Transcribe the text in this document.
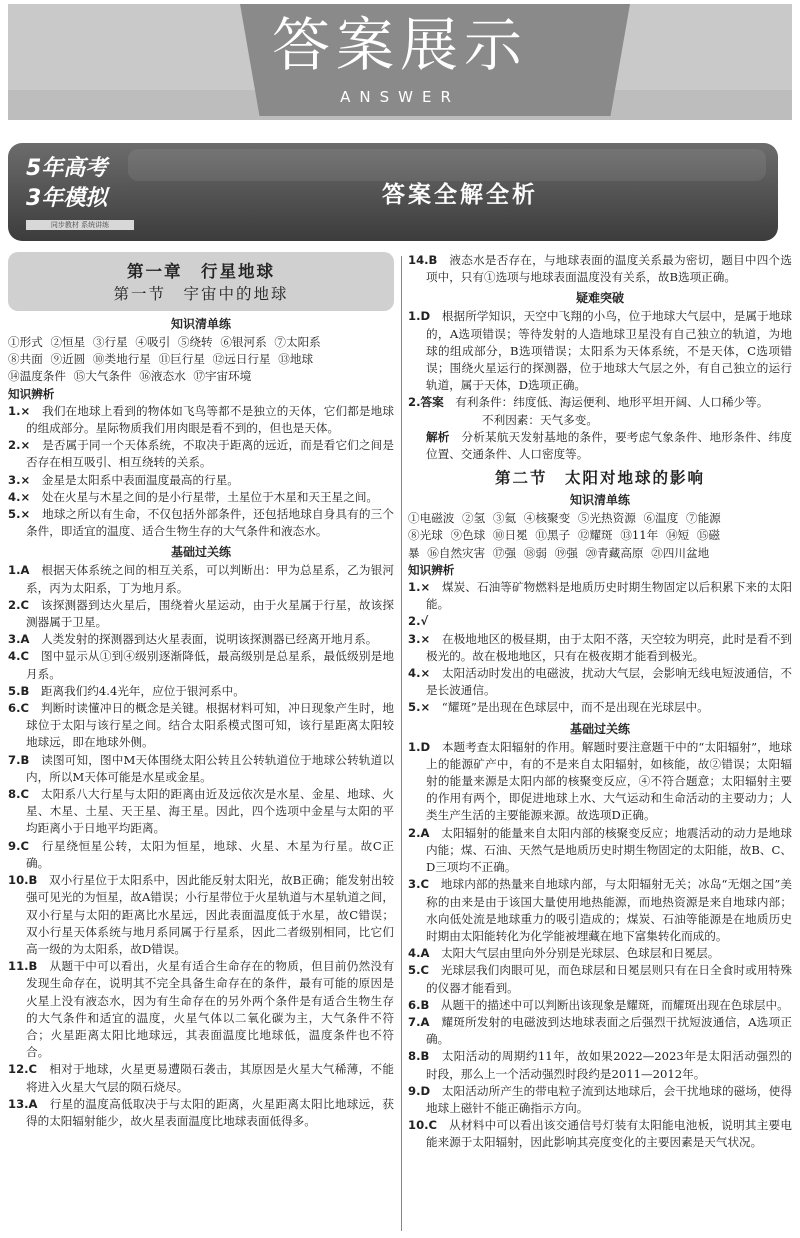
答案展示
ANSWER
5年高考
3年模拟
同步教材 系统讲练
答案全解全析
第一章　行星地球
第一节　宇宙中的地球
知识清单练
①形式 ②恒星 ③行星 ④吸引 ⑤绕转 ⑥银河系 ⑦太阳系
⑧共面 ⑨近圆 ⑩类地行星 ⑪巨行星 ⑫远日行星 ⑬地球
⑭温度条件 ⑮大气条件 ⑯液态水 ⑰宇宙环境
知识辨析
1.×　 我们在地球上看到的物体如飞鸟等都不是独立的天体，它们都是地球的组成部分。星际物质我们用肉眼是看不到的，但也是天体。
2.×　 是否属于同一个天体系统，不取决于距离的远近，而是看它们之间是否存在相互吸引、相互绕转的关系。
3.×　 金星是太阳系中表面温度最高的行星。
4.×　 处在火星与木星之间的是小行星带，土星位于木星和天王星之间。
5.×　 地球之所以有生命，不仅包括外部条件，还包括地球自身具有的三个条件，即适宜的温度、适合生物生存的大气条件和液态水。
基础过关练
1.A　 根据天体系统之间的相互关系，可以判断出：甲为总星系，乙为银河系，丙为太阳系，丁为地月系。
2.C　 该探测器到达火星后，围绕着火星运动，由于火星属于行星，故该探测器属于卫星。
3.A　 人类发射的探测器到达火星表面，说明该探测器已经离开地月系。
4.C　 图中显示从①到④级别逐渐降低，最高级别是总星系，最低级别是地月系。
5.B　 距离我们约4.4光年，应位于银河系中。
6.C　 判断时读懂冲日的概念是关键。根据材料可知，冲日现象产生时，地球位于太阳与该行星之间。结合太阳系模式图可知，该行星距离太阳较地球远，即在地球外侧。
7.B　 读图可知，图中M天体围绕太阳公转且公转轨道位于地球公转轨道以内，所以M天体可能是水星或金星。
8.C　 太阳系八大行星与太阳的距离由近及远依次是水星、金星、地球、火星、木星、土星、天王星、海王星。因此，四个选项中金星与太阳的平均距离小于日地平均距离。
9.C　 行星绕恒星公转，太阳为恒星，地球、火星、木星为行星。故C正确。
10.B　 双小行星位于太阳系中，因此能反射太阳光，故B正确；能发射出较强可见光的为恒星，故A错误；小行星带位于火星轨道与木星轨道之间，双小行星与太阳的距离比水星远，因此表面温度低于水星，故C错误；双小行星天体系统与地月系同属于行星系，因此二者级别相同，比它们高一级的为太阳系，故D错误。
11.B　 从题干中可以看出，火星有适合生命存在的物质，但目前仍然没有发现生命存在，说明其不完全具备生命存在的条件，最有可能的原因是火星上没有液态水，因为有生命存在的另外两个条件是有适合生物生存的大气条件和适宜的温度，火星气体以二氧化碳为主，大气条件不符合；火星距离太阳比地球远，其表面温度比地球低，温度条件也不符合。
12.C　 相对于地球，火星更易遭陨石袭击，其原因是火星大气稀薄，不能将进入火星大气层的陨石烧尽。
13.A　 行星的温度高低取决于与太阳的距离，火星距离太阳比地球远，获得的太阳辐射能少，故火星表面温度比地球表面低得多。
14.B　 液态水是否存在，与地球表面的温度关系最为密切，题目中四个选项中，只有①选项与地球表面温度没有关系，故B选项正确。
疑难突破
1.D　 根据所学知识，天空中飞翔的小鸟，位于地球大气层中，是属于地球的，A选项错误；等待发射的人造地球卫星没有自己独立的轨道，为地球的组成部分，B选项错误；太阳系为天体系统，不是天体，C选项错误；围绕火星运行的探测器，位于地球大气层之外，有自己独立的运行轨道，属于天体，D选项正确。
2.答案　 有利条件：纬度低、海运便利、地形平坦开阔、人口稀少等。
不利因素：天气多变。
解析　 分析某航天发射基地的条件，要考虑气象条件、地形条件、纬度位置、交通条件、人口密度等。
第二节　太阳对地球的影响
知识清单练
①电磁波 ②氢 ③氦 ④核聚变 ⑤光热资源 ⑥温度 ⑦能源
⑧光球 ⑨色球 ⑩日冕 ⑪黑子 ⑫耀斑 ⑬11年 ⑭短 ⑮磁
暴 ⑯自然灾害 ⑰强 ⑱弱 ⑲强 ⑳青藏高原 ㉑四川盆地
知识辨析
1.×　 煤炭、石油等矿物燃料是地质历史时期生物固定以后积累下来的太阳能。
2.√　
3.×　 在极地地区的极昼期，由于太阳不落，天空较为明亮，此时是看不到极光的。故在极地地区，只有在极夜期才能看到极光。
4.×　 太阳活动时发出的电磁波，扰动大气层，会影响无线电短波通信，不是长波通信。
5.×　 “耀斑”是出现在色球层中，而不是出现在光球层中。
基础过关练
1.D　 本题考查太阳辐射的作用。解题时要注意题干中的“太阳辐射”，地球上的能源矿产中，有的不是来自太阳辐射，如核能，故②错误；太阳辐射的能量来源是太阳内部的核聚变反应，④不符合题意；太阳辐射主要的作用有两个，即促进地球上水、大气运动和生命活动的主要动力；人类生产生活的主要能源来源。故选项D正确。
2.A　 太阳辐射的能量来自太阳内部的核聚变反应；地震活动的动力是地球内能；煤、石油、天然气是地质历史时期生物固定的太阳能，故B、C、D三项均不正确。
3.C　 地球内部的热量来自地球内部，与太阳辐射无关；冰岛“无烟之国”美称的由来是由于该国大量使用地热能源，而地热资源是来自地球内部；水向低处流是地球重力的吸引造成的；煤炭、石油等能源是在地质历史时期由太阳能转化为化学能被埋藏在地下富集转化而成的。
4.A　 太阳大气层由里向外分别是光球层、色球层和日冕层。
5.C　 光球层我们肉眼可见，而色球层和日冕层则只有在日全食时或用特殊的仪器才能看到。
6.B　 从题干的描述中可以判断出该现象是耀斑，而耀斑出现在色球层中。
7.A　 耀斑所发射的电磁波到达地球表面之后强烈干扰短波通信，A选项正确。
8.B　 太阳活动的周期约11年，故如果2022—2023年是太阳活动强烈的时段，那么上一个活动强烈时段约是2011—2012年。
9.D　 太阳活动所产生的带电粒子流到达地球后，会干扰地球的磁场，使得地球上磁针不能正确指示方向。
10.C　 从材料中可以看出该交通信号灯装有太阳能电池板，说明其主要电能来源于太阳辐射，因此影响其亮度变化的主要因素是天气状况。
